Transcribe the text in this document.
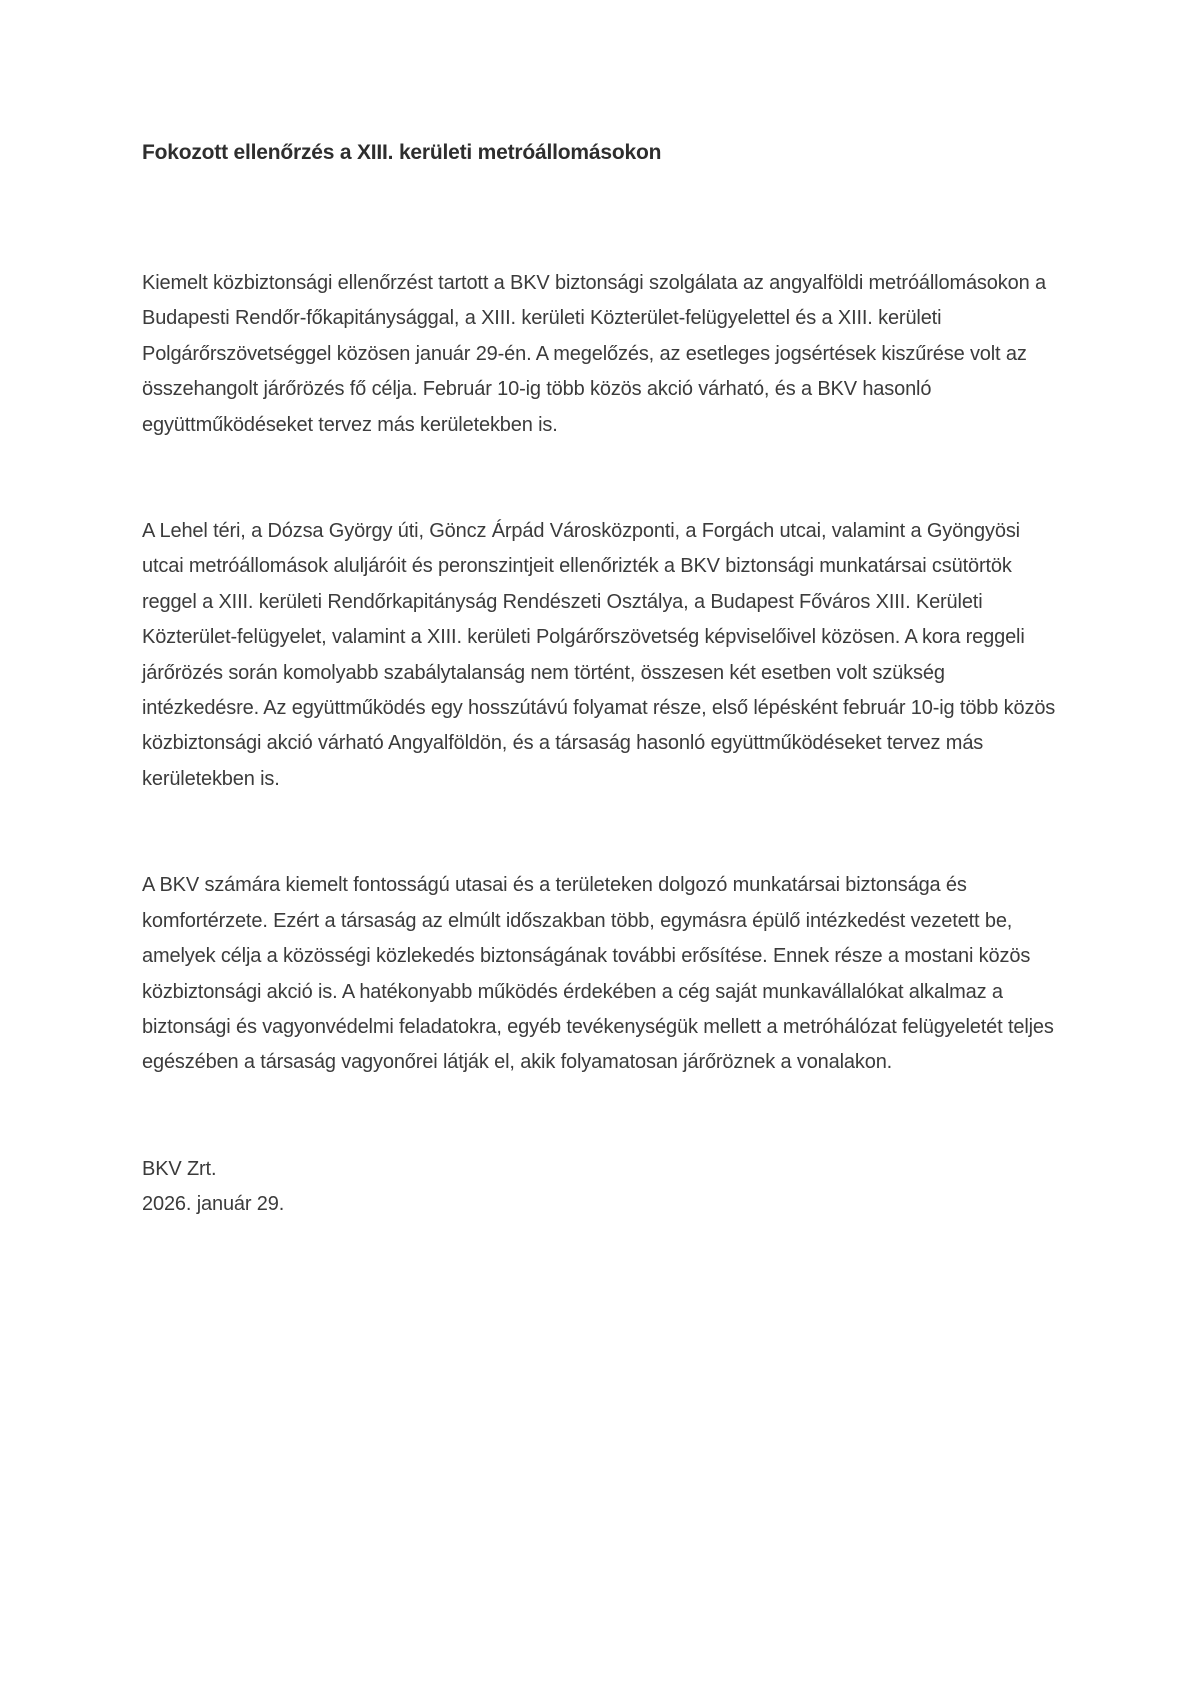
Fokozott ellenőrzés a XIII. kerületi metróállomásokon

Kiemelt közbiztonsági ellenőrzést tartott a BKV biztonsági szolgálata az angyalföldi metróállomásokon a Budapesti Rendőr-főkapitánysággal, a XIII. kerületi Közterület-felügyelettel és a XIII. kerületi Polgárőrszövetséggel közösen január 29-én. A megelőzés, az esetleges jogsértések kiszűrése volt az összehangolt járőrözés fő célja. Február 10-ig több közös akció várható, és a BKV hasonló együttműködéseket tervez más kerületekben is.

A Lehel téri, a Dózsa György úti, Göncz Árpád Városközponti, a Forgách utcai, valamint a Gyöngyösi utcai metróállomások aluljáróit és peronszintjeit ellenőrizték a BKV biztonsági munkatársai csütörtök reggel a XIII. kerületi Rendőrkapitányság Rendészeti Osztálya, a Budapest Főváros XIII. Kerületi Közterület-felügyelet, valamint a XIII. kerületi Polgárőrszövetség képviselőivel közösen. A kora reggeli járőrözés során komolyabb szabálytalanság nem történt, összesen két esetben volt szükség intézkedésre. Az együttműködés egy hosszútávú folyamat része, első lépésként február 10-ig több közös közbiztonsági akció várható Angyalföldön, és a társaság hasonló együttműködéseket tervez más kerületekben is.

A BKV számára kiemelt fontosságú utasai és a területeken dolgozó munkatársai biztonsága és komfortérzete. Ezért a társaság az elmúlt időszakban több, egymásra épülő intézkedést vezetett be, amelyek célja a közösségi közlekedés biztonságának további erősítése. Ennek része a mostani közös közbiztonsági akció is. A hatékonyabb működés érdekében a cég saját munkavállalókat alkalmaz a biztonsági és vagyonvédelmi feladatokra, egyéb tevékenységük mellett a metróhálózat felügyeletét teljes egészében a társaság vagyonőrei látják el, akik folyamatosan járőröznek a vonalakon.

BKV Zrt.
2026. január 29.
